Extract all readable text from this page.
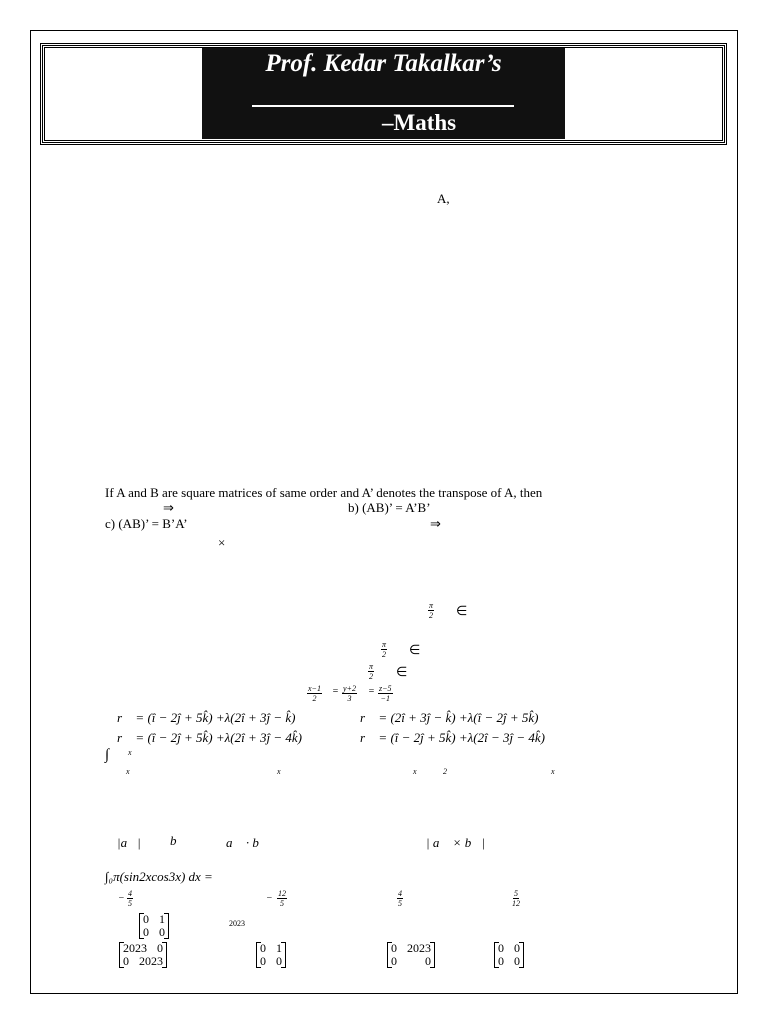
Prof. Kedar Takalkar’s
–Maths
A,
If A and B are square matrices of same order and A’ denotes the transpose of A, then
⇒	b) (AB)’ = A’B’
c) (AB)’ = B’A’	⇒
×
$\frac{\pi}{2}$ ∈
$\frac{\pi}{2}$ ∈
$\frac{\pi}{2}$ ∈
$\frac{x-1}{2} = \frac{y+2}{3} = \frac{z-5}{-1}$
r⃗ = (î − 2ĵ + 5k̂) +λ(2î + 3ĵ − k̂)	r⃗ = (2î + 3ĵ − k̂) +λ(î − 2ĵ + 5k̂)
r⃗ = (î − 2ĵ + 5k̂) +λ(2î + 3ĵ − 4k̂)	r⃗ = (î − 2ĵ + 5k̂) +λ(2î − 3ĵ − 4k̂)
∫ x
x	x	x	2	x
|a⃗| b⃗	a⃗ · b⃗	| a⃗ × b⃗|
∫₀π(sin2xcos3x) dx =
− $\frac{4}{5}$	− $\frac{12}{5}$	$\frac{4}{5}$	$\frac{5}{12}$
0 1
0 0
2023
2023 0
0 2023
0 1
0 0
0 2023
0 0
0 0
0 0
